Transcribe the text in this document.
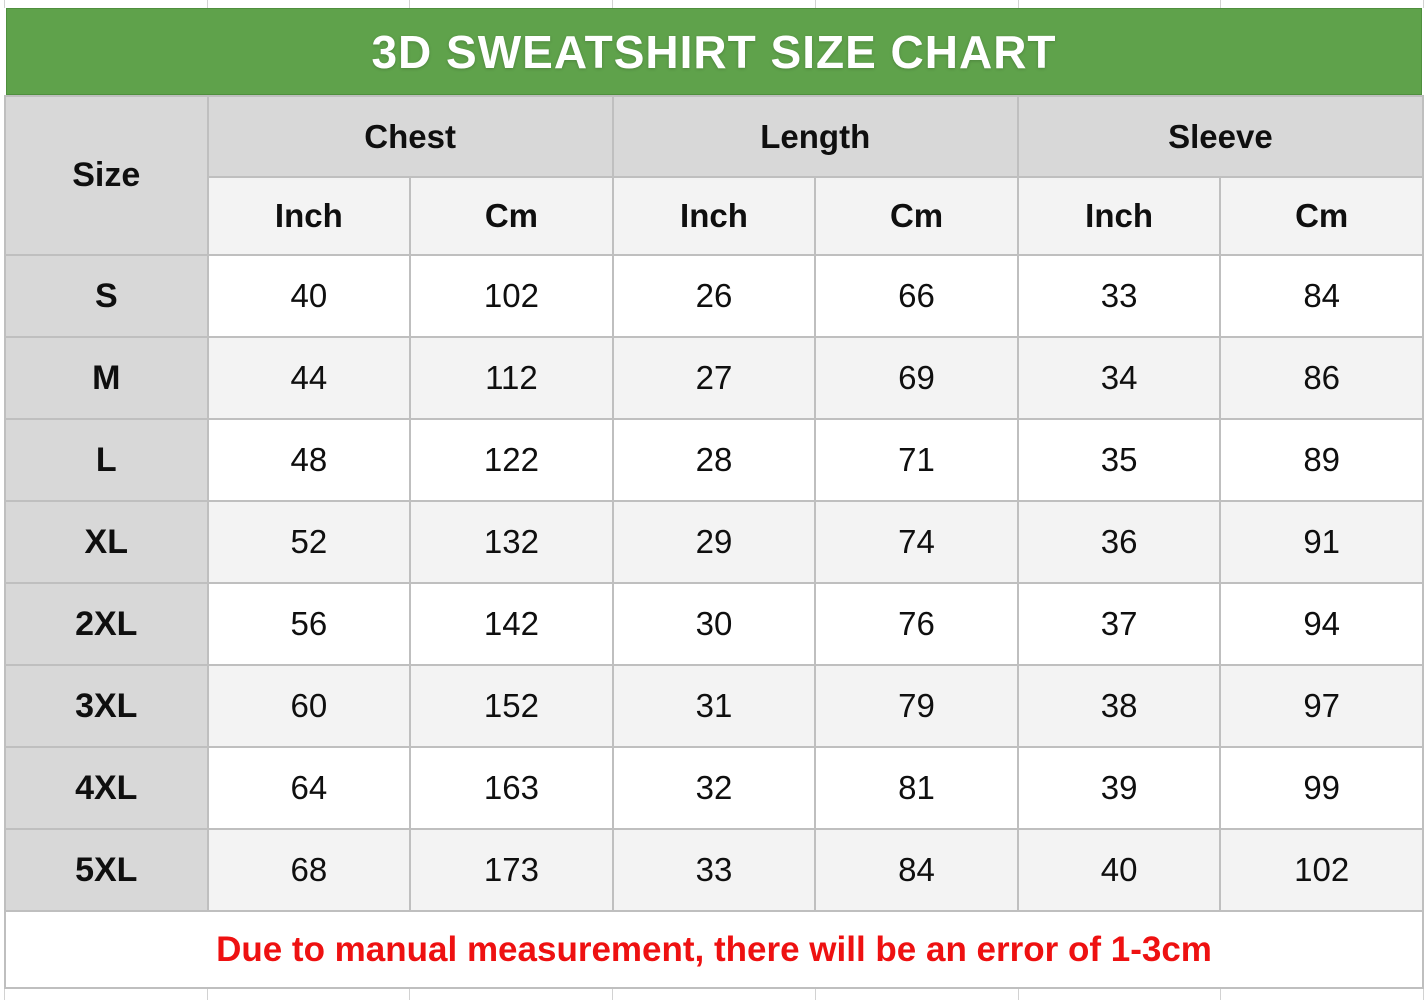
3D SWEATSHIRT SIZE CHART
Size	Chest		Length		Sleeve	
	Inch	Cm	Inch	Cm	Inch	Cm
S	40	102	26	66	33	84
M	44	112	27	69	34	86
L	48	122	28	71	35	89
XL	52	132	29	74	36	91
2XL	56	142	30	76	37	94
3XL	60	152	31	79	38	97
4XL	64	163	32	81	39	99
5XL	68	173	33	84	40	102
Due to manual measurement, there will be an error of 1-3cm						
